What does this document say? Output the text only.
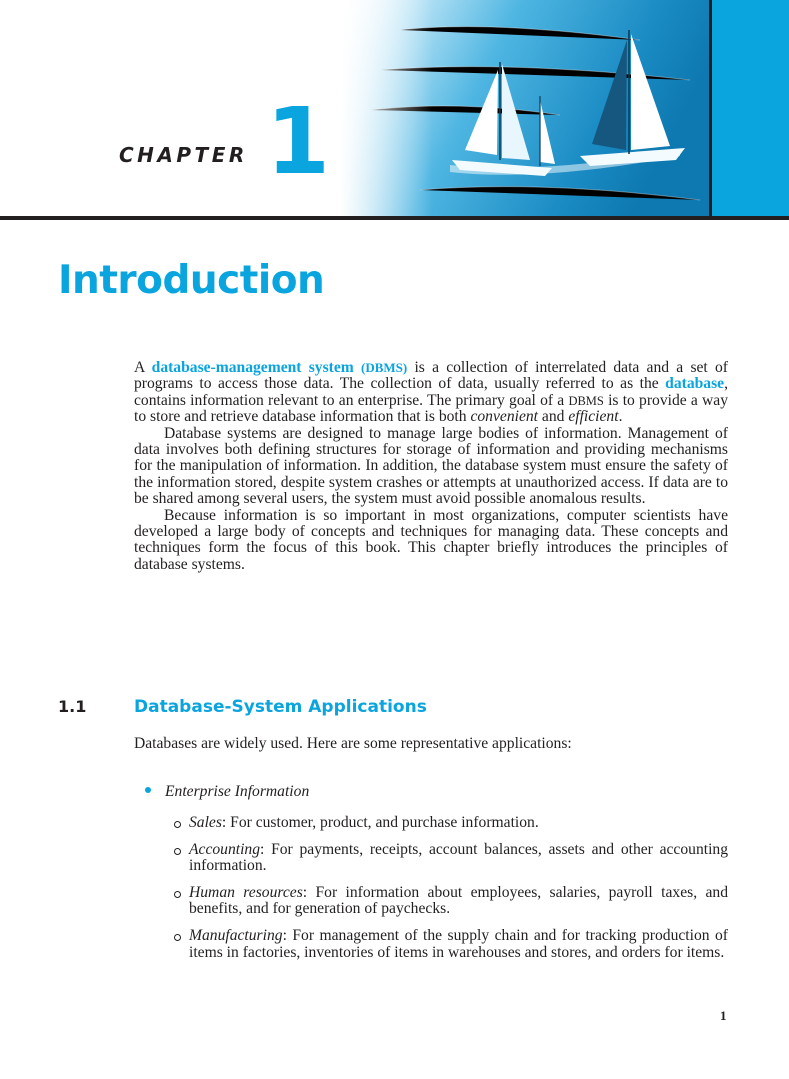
CHAPTER 1
Introduction

A database-management system (DBMS) is a collection of interrelated data and a set of programs to access those data. The collection of data, usually referred to as the database, contains information relevant to an enterprise. The primary goal of a DBMS is to provide a way to store and retrieve database information that is both convenient and efficient.

Database systems are designed to manage large bodies of information. Management of data involves both defining structures for storage of information and providing mechanisms for the manipulation of information. In addition, the database system must ensure the safety of the information stored, despite system crashes or attempts at unauthorized access. If data are to be shared among several users, the system must avoid possible anomalous results.

Because information is so important in most organizations, computer scientists have developed a large body of concepts and techniques for managing data. These concepts and techniques form the focus of this book. This chapter briefly introduces the principles of database systems.

1.1	Database-System Applications
Databases are widely used. Here are some representative applications:
Enterprise Information
Sales: For customer, product, and purchase information.
Accounting: For payments, receipts, account balances, assets and other accounting information.
Human resources: For information about employees, salaries, payroll taxes, and benefits, and for generation of paychecks.
Manufacturing: For management of the supply chain and for tracking production of items in factories, inventories of items in warehouses and stores, and orders for items.
1
